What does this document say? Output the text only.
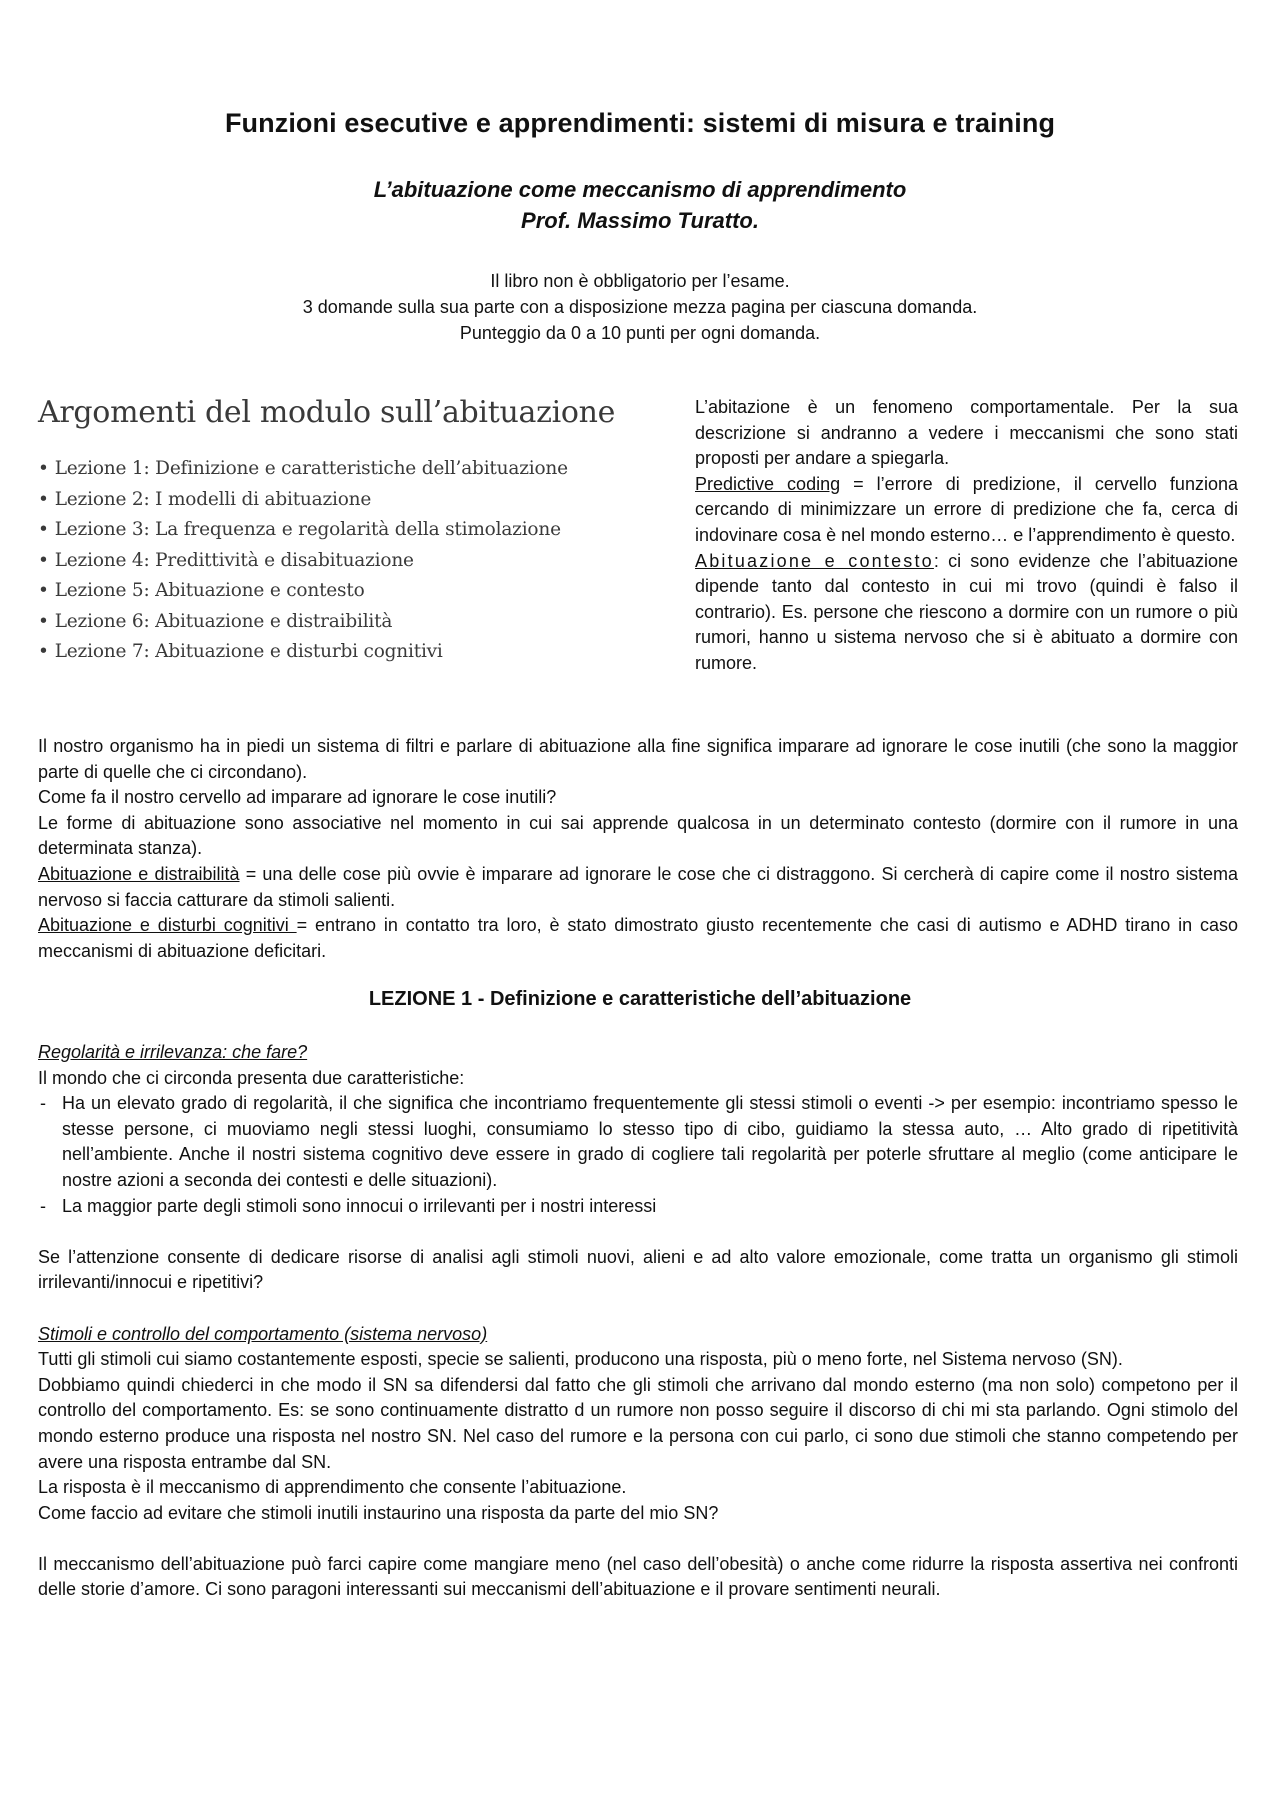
Funzioni esecutive e apprendimenti: sistemi di misura e training
L’abituazione come meccanismo di apprendimento
Prof. Massimo Turatto.
Il libro non è obbligatorio per l’esame.
3 domande sulla sua parte con a disposizione mezza pagina per ciascuna domanda.
Punteggio da 0 a 10 punti per ogni domanda.
Argomenti del modulo sull’abituazione
• Lezione 1: Definizione e caratteristiche dell’abituazione
• Lezione 2: I modelli di abituazione
• Lezione 3: La frequenza e regolarità della stimolazione
• Lezione 4: Predittività e disabituazione
• Lezione 5: Abituazione e contesto
• Lezione 6: Abituazione e distraibilità
• Lezione 7: Abituazione e disturbi cognitivi

L’abitazione è un fenomeno comportamentale. Per la sua descrizione si andranno a vedere i meccanismi che sono stati proposti per andare a spiegarla.

Predictive coding = l’errore di predizione, il cervello funziona cercando di minimizzare un errore di predizione che fa, cerca di indovinare cosa è nel mondo esterno… e l’apprendimento è questo.

Abituazione e contesto: ci sono evidenze che l’abituazione dipende tanto dal contesto in cui mi trovo (quindi è falso il contrario). Es. persone che riescono a dormire con un rumore o più rumori, hanno u sistema nervoso che si è abituato a dormire con rumore.

Il nostro organismo ha in piedi un sistema di filtri e parlare di abituazione alla fine significa imparare ad ignorare le cose inutili (che sono la maggior parte di quelle che ci circondano).

Come fa il nostro cervello ad imparare ad ignorare le cose inutili?

Le forme di abituazione sono associative nel momento in cui sai apprende qualcosa in un determinato contesto (dormire con il rumore in una determinata stanza).

Abituazione e distraibilità = una delle cose più ovvie è imparare ad ignorare le cose che ci distraggono. Si cercherà di capire come il nostro sistema nervoso si faccia catturare da stimoli salienti.

Abituazione e disturbi cognitivi = entrano in contatto tra loro, è stato dimostrato giusto recentemente che casi di autismo e ADHD tirano in caso meccanismi di abituazione deficitari.

LEZIONE 1 - Definizione e caratteristiche dell’abituazione

Regolarità e irrilevanza: che fare?

Il mondo che ci circonda presenta due caratteristiche:

- Ha un elevato grado di regolarità, il che significa che incontriamo frequentemente gli stessi stimoli o eventi -> per esempio: incontriamo spesso le stesse persone, ci muoviamo negli stessi luoghi, consumiamo lo stesso tipo di cibo, guidiamo la stessa auto, … Alto grado di ripetitività nell’ambiente. Anche il nostri sistema cognitivo deve essere in grado di cogliere tali regolarità per poterle sfruttare al meglio (come anticipare le nostre azioni a seconda dei contesti e delle situazioni).
- La maggior parte degli stimoli sono innocui o irrilevanti per i nostri interessi

Se l’attenzione consente di dedicare risorse di analisi agli stimoli nuovi, alieni e ad alto valore emozionale, come tratta un organismo gli stimoli irrilevanti/innocui e ripetitivi?

Stimoli e controllo del comportamento (sistema nervoso)

Tutti gli stimoli cui siamo costantemente esposti, specie se salienti, producono una risposta, più o meno forte, nel Sistema nervoso (SN).

Dobbiamo quindi chiederci in che modo il SN sa difendersi dal fatto che gli stimoli che arrivano dal mondo esterno (ma non solo) competono per il controllo del comportamento. Es: se sono continuamente distratto d un rumore non posso seguire il discorso di chi mi sta parlando. Ogni stimolo del mondo esterno produce una risposta nel nostro SN. Nel caso del rumore e la persona con cui parlo, ci sono due stimoli che stanno competendo per avere una risposta entrambe dal SN.

La risposta è il meccanismo di apprendimento che consente l’abituazione.

Come faccio ad evitare che stimoli inutili instaurino una risposta da parte del mio SN?

Il meccanismo dell’abituazione può farci capire come mangiare meno (nel caso dell’obesità) o anche come ridurre la risposta assertiva nei confronti delle storie d’amore. Ci sono paragoni interessanti sui meccanismi dell’abituazione e il provare sentimenti neurali.
